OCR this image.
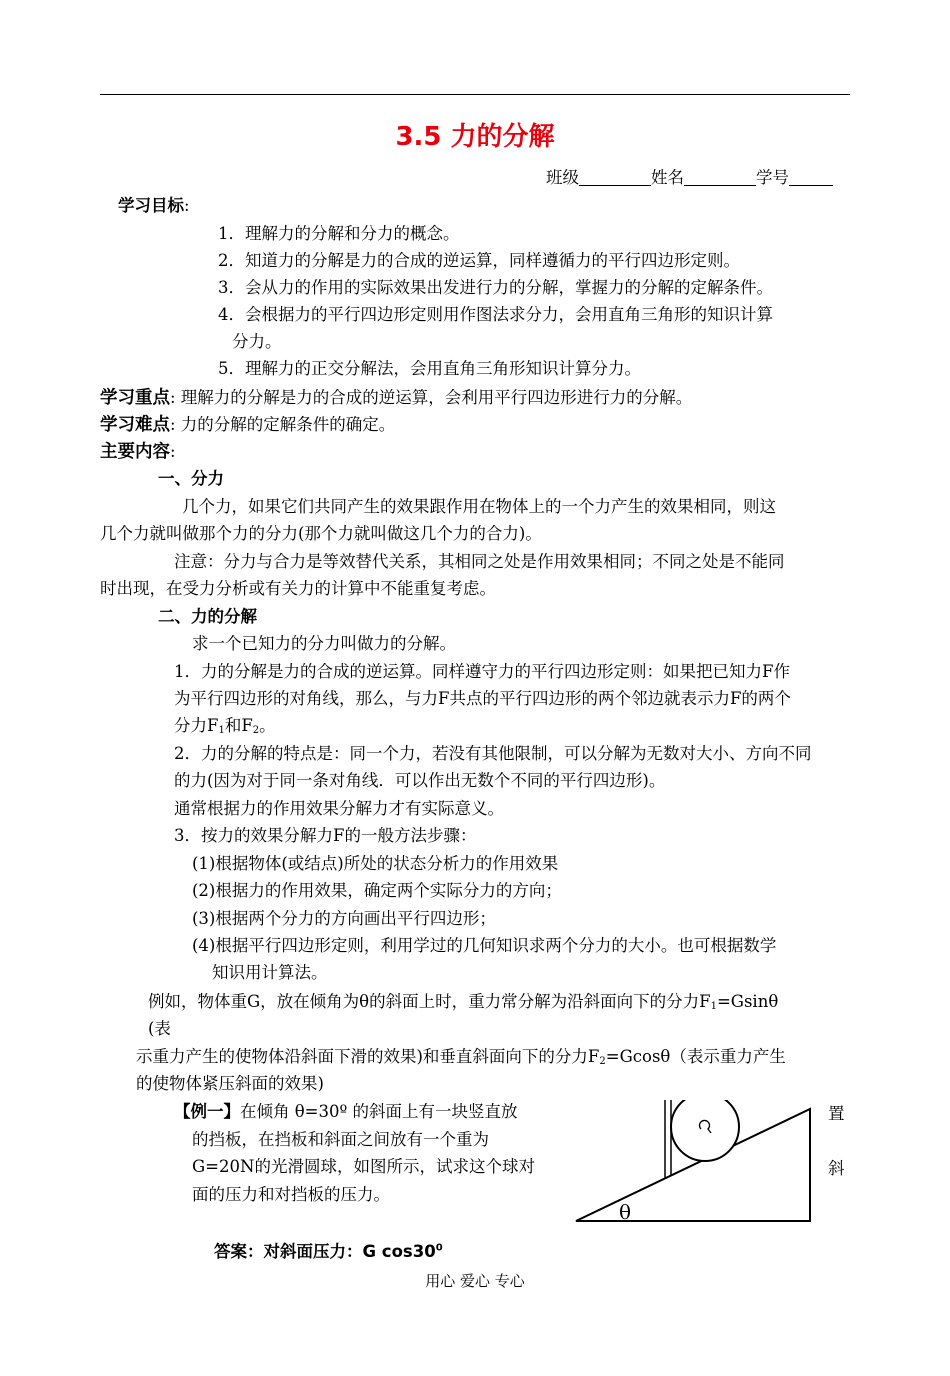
3.5 力的分解
班级	姓名	学号
学习目标:
1．理解力的分解和分力的概念。
2．知道力的分解是力的合成的逆运算，同样遵循力的平行四边形定则。
3．会从力的作用的实际效果出发进行力的分解，掌握力的分解的定解条件。
4．会根据力的平行四边形定则用作图法求分力，会用直角三角形的知识计算
分力。
5．理解力的正交分解法，会用直角三角形知识计算分力。
学习重点: 理解力的分解是力的合成的逆运算，会利用平行四边形进行力的分解。
学习难点: 力的分解的定解条件的确定。
主要内容:
一、分力
几个力，如果它们共同产生的效果跟作用在物体上的一个力产生的效果相同，则这
几个力就叫做那个力的分力(那个力就叫做这几个力的合力)。
注意：分力与合力是等效替代关系，其相同之处是作用效果相同；不同之处是不能同
时出现，在受力分析或有关力的计算中不能重复考虑。
二、力的分解
求一个已知力的分力叫做力的分解。
1．力的分解是力的合成的逆运算。同样遵守力的平行四边形定则：如果把已知力F作
为平行四边形的对角线，那么，与力F共点的平行四边形的两个邻边就表示力F的两个
分力$F_1$和$F_2$。
2．力的分解的特点是：同一个力，若没有其他限制，可以分解为无数对大小、方向不同
的力(因为对于同一条对角线．可以作出无数个不同的平行四边形)。
通常根据力的作用效果分解力才有实际意义。
3．按力的效果分解力F的一般方法步骤：
(1)根据物体(或结点)所处的状态分析力的作用效果
(2)根据力的作用效果，确定两个实际分力的方向；
(3)根据两个分力的方向画出平行四边形；
(4)根据平行四边形定则，利用学过的几何知识求两个分力的大小。也可根据数学
知识用计算法。
例如，物体重G，放在倾角为θ的斜面上时，重力常分解为沿斜面向下的分力$F_1=Gsin\theta$
(表
示重力产生的使物体沿斜面下滑的效果)和垂直斜面向下的分力$F_2=Gcos\theta$（表示重力产生
的使物体紧压斜面的效果)
【例一】在倾角 θ=30º 的斜面上有一块竖直放
的挡板，在挡板和斜面之间放有一个重为
G=20N的光滑圆球，如图所示，试求这个球对
面的压力和对挡板的压力。
置
斜
θ
答案：对斜面压力：G $\cos 30^0$
用心 爱心 专心
